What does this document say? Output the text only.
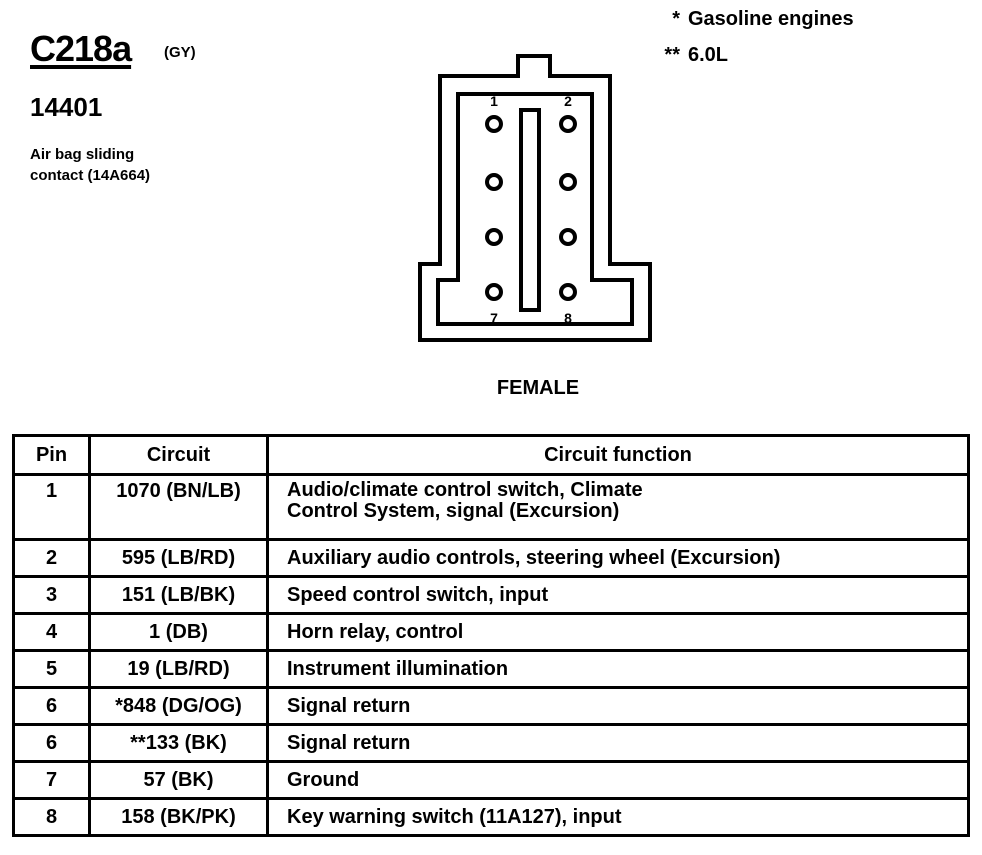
C218a (GY)
14401
Air bag sliding
contact (14A664)
* Gasoline engines
** 6.0L
1	2
7	8
FEMALE
Pin	Circuit	Circuit function
1	1070 (BN/LB)	Audio/climate control switch, Climate
Control System, signal (Excursion)
2	595 (LB/RD)	Auxiliary audio controls, steering wheel (Excursion)
3	151 (LB/BK)	Speed control switch, input
4	1 (DB)	Horn relay, control
5	19 (LB/RD)	Instrument illumination
6	*848 (DG/OG)	Signal return
6	**133 (BK)	Signal return
7	57 (BK)	Ground
8	158 (BK/PK)	Key warning switch (11A127), input
